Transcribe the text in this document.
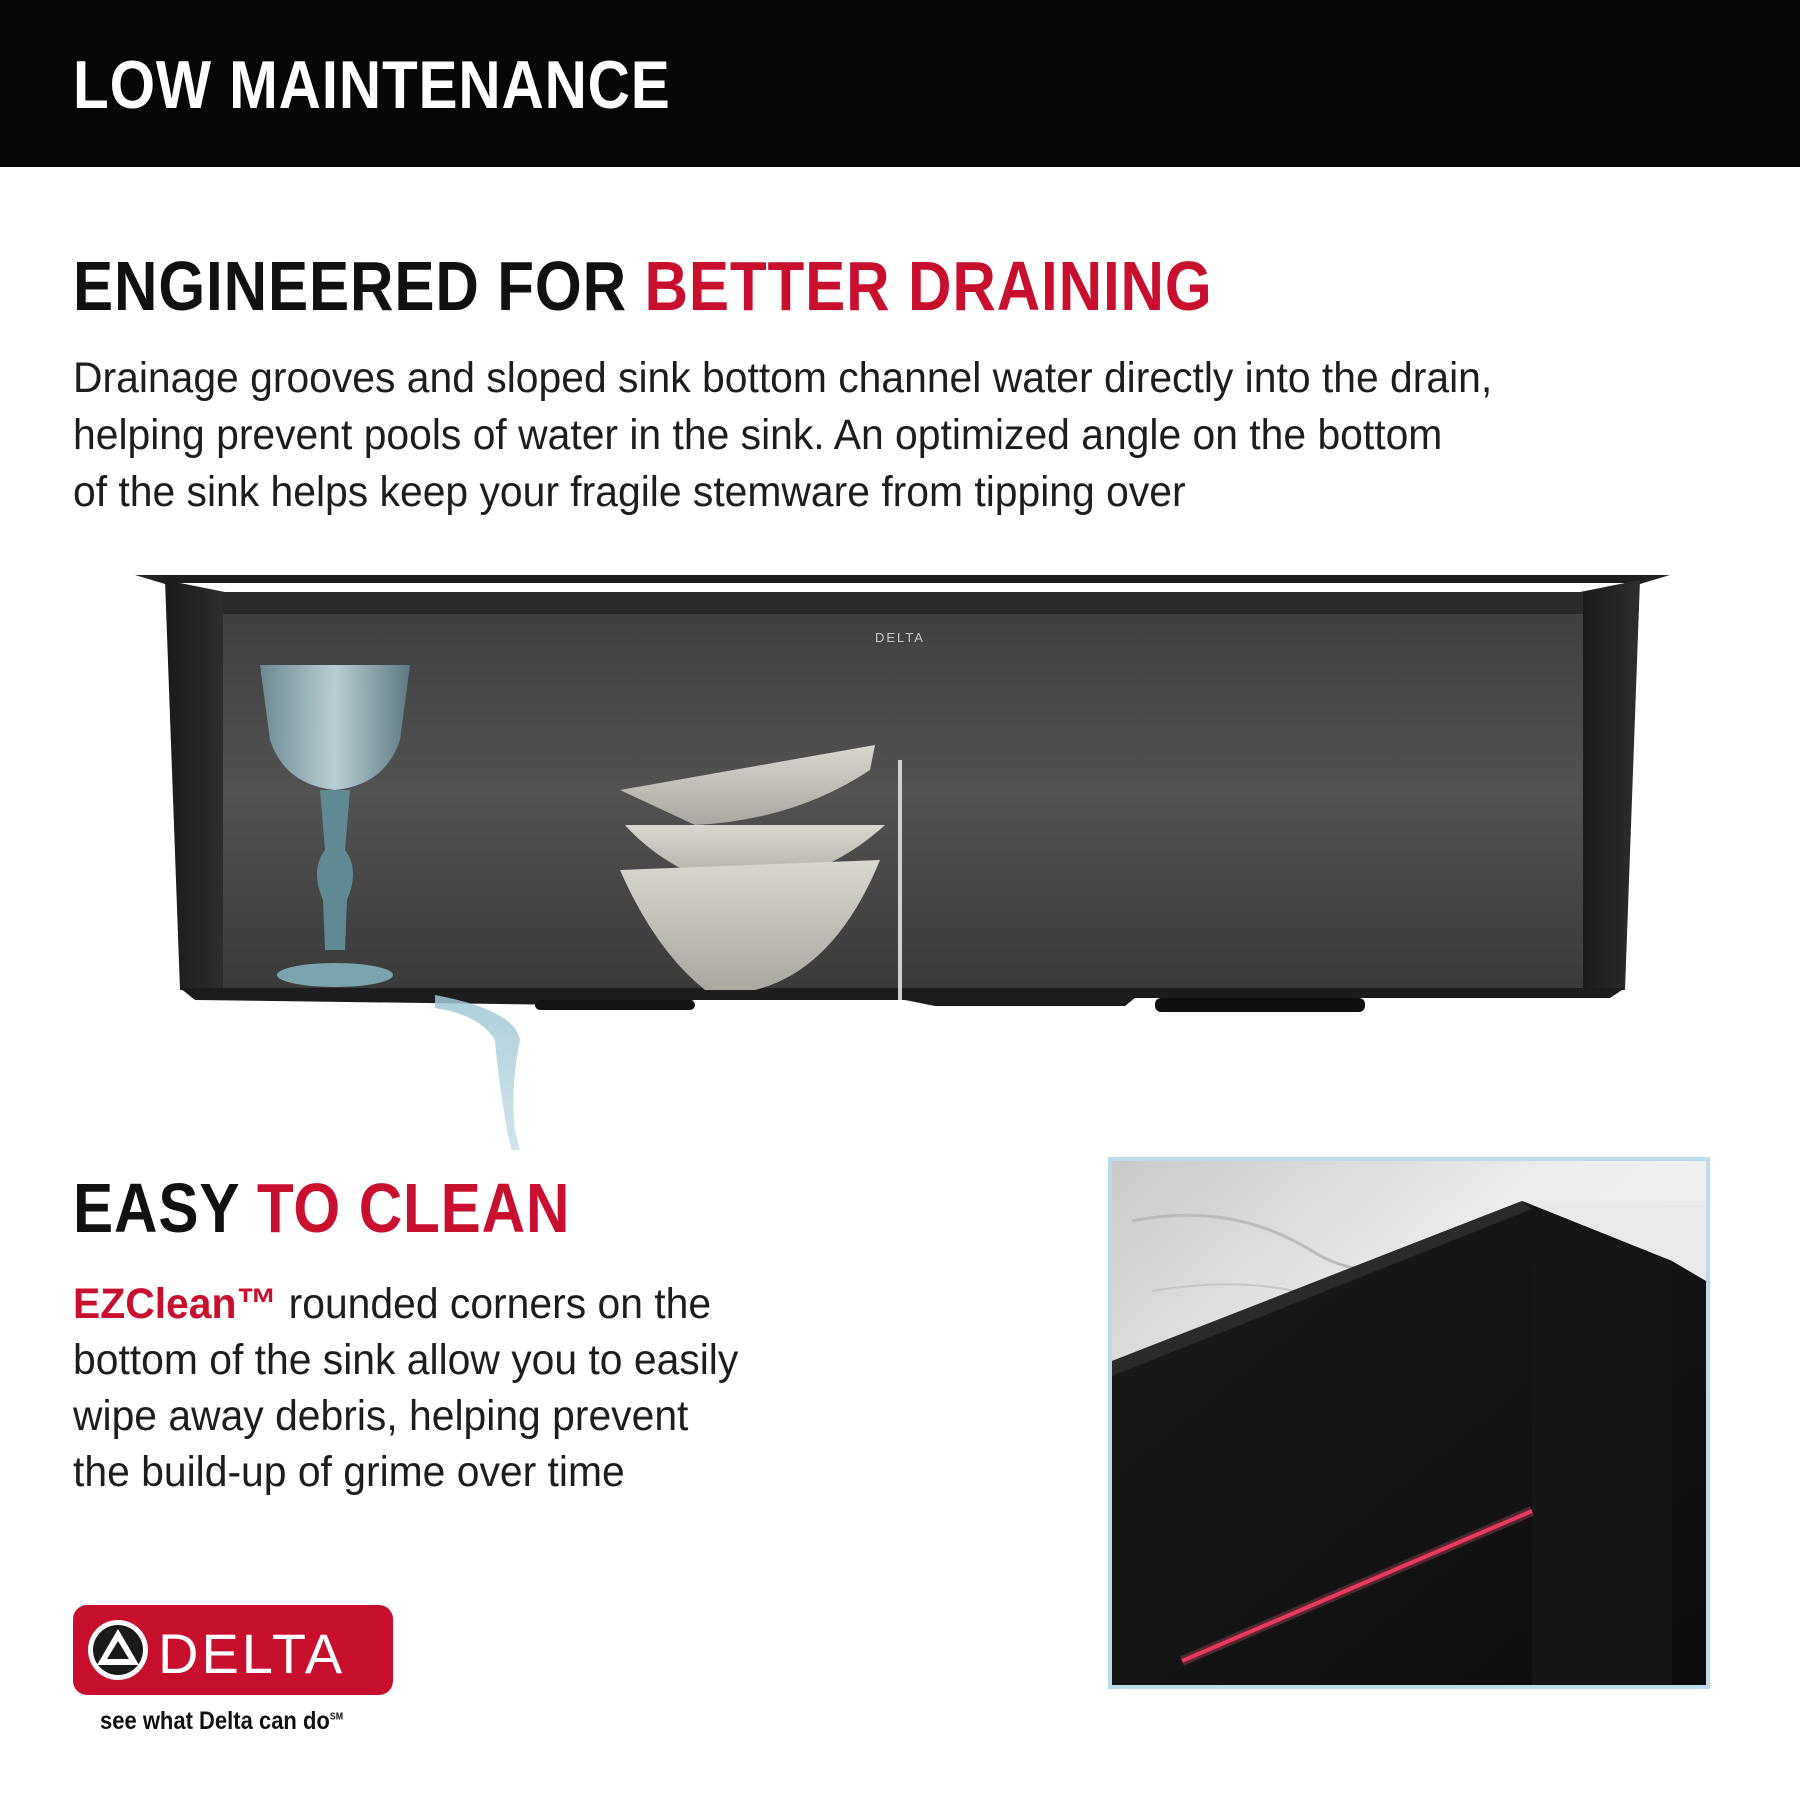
LOW MAINTENANCE
ENGINEERED FOR BETTER DRAINING
Drainage grooves and sloped sink bottom channel water directly into the drain,
helping prevent pools of water in the sink. An optimized angle on the bottom
of the sink helps keep your fragile stemware from tipping over
DELTA
EASY TO CLEAN
EZClean™ rounded corners on the
bottom of the sink allow you to easily
wipe away debris, helping prevent
the build-up of grime over time
DELTA
see what Delta can do℠
